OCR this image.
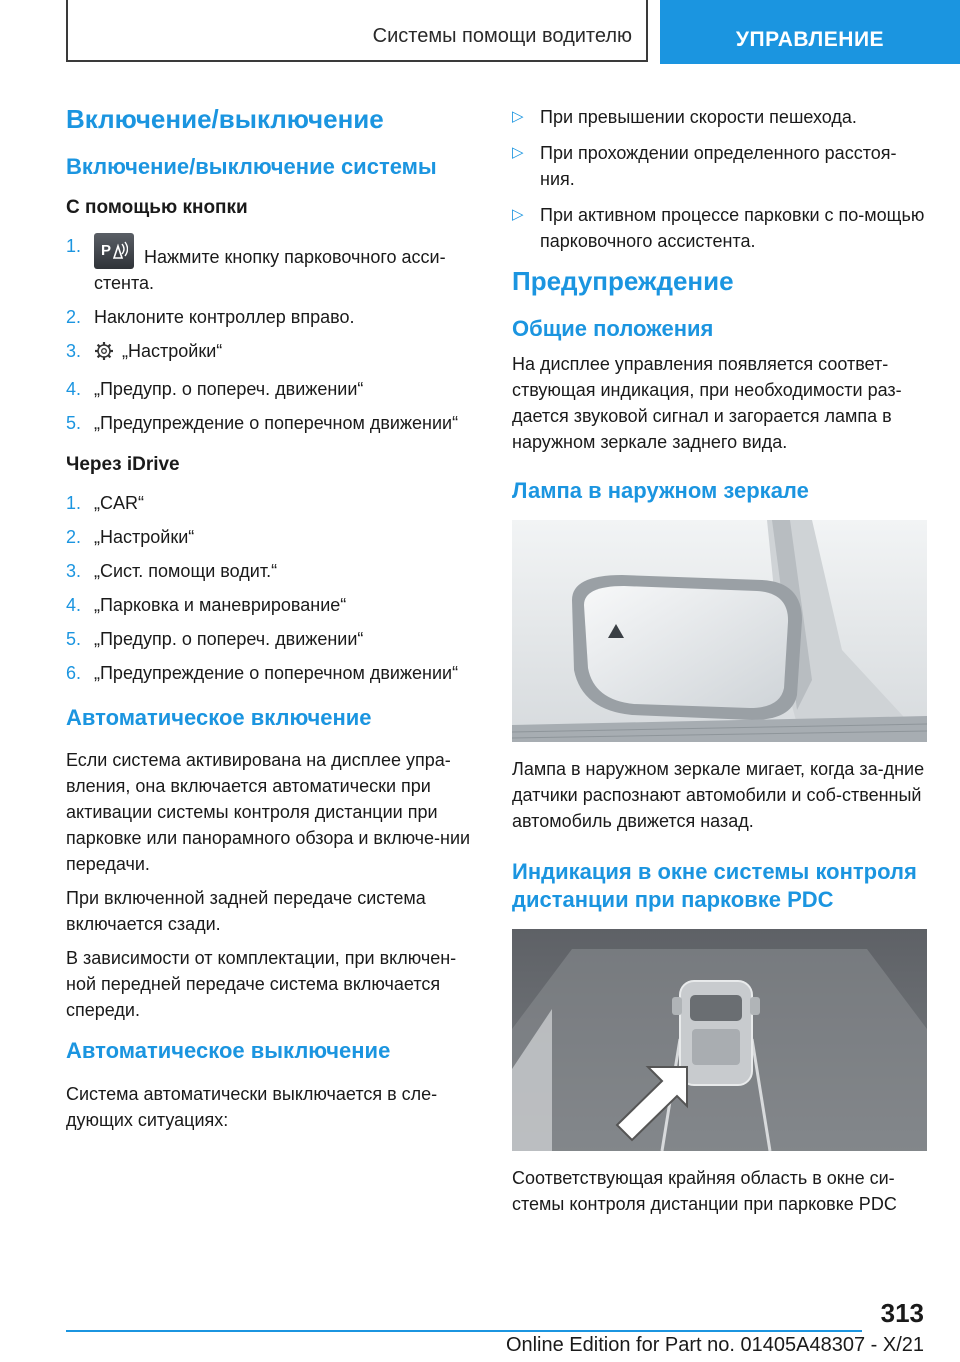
Системы помощи водителю	УПРАВЛЕНИЕ
Включение/выключение
Включение/выключение системы
С помощью кнопки
1. P Нажмите кнопку парковочного асси-стента.
2. Наклоните контроллер вправо.
3. „Настройки“
4. „Предупр. о попереч. движении“
5. „Предупреждение о поперечном движении“
Через iDrive
1. „CAR“
2. „Настройки“
3. „Сист. помощи водит.“
4. „Парковка и маневрирование“
5. „Предупр. о попереч. движении“
6. „Предупреждение о поперечном движении“
Автоматическое включение

Если система активирована на дисплее упра-вления, она включается автоматически при активации системы контроля дистанции при парковке или панорамного обзора и включе-нии передачи.

При включенной задней передаче система включается сзади.

В зависимости от комплектации, при включен-ной передней передаче система включается спереди.

Автоматическое выключение

Система автоматически выключается в сле-дующих ситуациях:

▷ При превышении скорости пешехода.
▷ При прохождении определенного расстоя-ния.
▷ При активном процессе парковки с по-мощью парковочного ассистента.
Предупреждение
Общие положения

На дисплее управления появляется соответ-ствующая индикация, при необходимости раз-дается звуковой сигнал и загорается лампа в наружном зеркале заднего вида.

Лампа в наружном зеркале

Лампа в наружном зеркале мигает, когда за-дние датчики распознают автомобили и соб-ственный автомобиль движется назад.

Индикация в окне системы контроля дистанции при парковке PDC

Соответствующая крайняя область в окне си-стемы контроля дистанции при парковке PDC

313
Online Edition for Part no. 01405A48307 - X/21
